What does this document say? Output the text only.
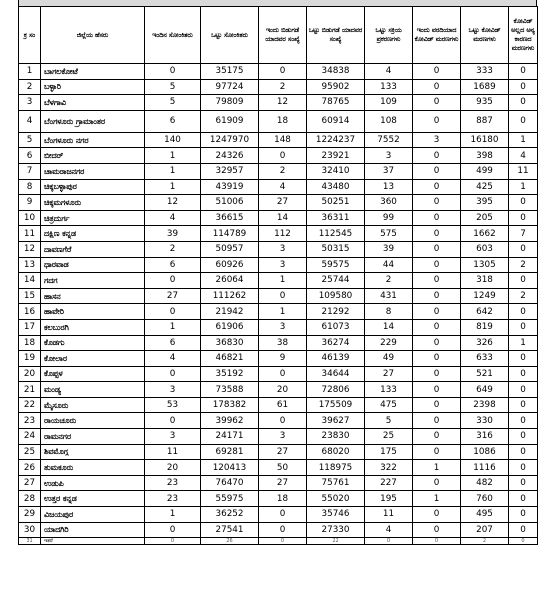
ಕ್ರ ಸಂ	ಜಿಲ್ಲೆಯ ಹೆಸರು	ಇಂದಿನ ಸೋಂಕಿತರು	ಒಟ್ಟು ಸೋಂಕಿತರು	ಇಂದು ಬಿಡುಗಡೆ ಯಾದವರ ಸಂಖ್ಯೆ	ಒಟ್ಟು ಬಿಡುಗಡೆ ಯಾದವರ ಸಂಖ್ಯೆ	ಒಟ್ಟು ಸಕ್ರಿಯ ಪ್ರಕರಣಗಳು	ಇಂದು ವರದಿಯಾದ ಕೋವಿಡ್ ಮರಣಗಳು	ಒಟ್ಟು ಕೋವಿಡ್ ಮರಣಗಳು	ಕೋವಿಡ್ ಅಲ್ಲದ ಅನ್ಯ ಕಾರಣದ ಮರಣಗಳು
1	ಬಾಗಲಕೋಟೆ	0	35175	0	34838	4	0	333	0
2	ಬಳ್ಳಾರಿ	5	97724	2	95902	133	0	1689	0
3	ಬೆಳಗಾವಿ	5	79809	12	78765	109	0	935	0
4	ಬೆಂಗಳೂರು ಗ್ರಾಮಾಂತರ	6	61909	18	60914	108	0	887	0
5	ಬೆಂಗಳೂರು ನಗರ	140	1247970	148	1224237	7552	3	16180	1
6	ಬೀದರ್	1	24326	0	23921	3	0	398	4
7	ಚಾಮರಾಜನಗರ	1	32957	2	32410	37	0	499	11
8	ಚಿಕ್ಕಬಳ್ಳಾಪುರ	1	43919	4	43480	13	0	425	1
9	ಚಿಕ್ಕಮಗಳೂರು	12	51006	27	50251	360	0	395	0
10	ಚಿತ್ರದುರ್ಗ	4	36615	14	36311	99	0	205	0
11	ದಕ್ಷಿಣ ಕನ್ನಡ	39	114789	112	112545	575	0	1662	7
12	ದಾವಣಗೆರೆ	2	50957	3	50315	39	0	603	0
13	ಧಾರವಾಡ	6	60926	3	59575	44	0	1305	2
14	ಗದಗ	0	26064	1	25744	2	0	318	0
15	ಹಾಸನ	27	111262	0	109580	431	0	1249	2
16	ಹಾವೇರಿ	0	21942	1	21292	8	0	642	0
17	ಕಲಬುರಗಿ	1	61906	3	61073	14	0	819	0
18	ಕೊಡಗು	6	36830	38	36274	229	0	326	1
19	ಕೋಲಾರ	4	46821	9	46139	49	0	633	0
20	ಕೊಪ್ಪಳ	0	35192	0	34644	27	0	521	0
21	ಮಂಡ್ಯ	3	73588	20	72806	133	0	649	0
22	ಮೈಸೂರು	53	178382	61	175509	475	0	2398	0
23	ರಾಯಚೂರು	0	39962	0	39627	5	0	330	0
24	ರಾಮನಗರ	3	24171	3	23830	25	0	316	0
25	ಶಿವಮೊಗ್ಗ	11	69281	27	68020	175	0	1086	0
26	ತುಮಕೂರು	20	120413	50	118975	322	1	1116	0
27	ಉಡುಪಿ	23	76470	27	75761	227	0	482	0
28	ಉತ್ತರ ಕನ್ನಡ	23	55975	18	55020	195	1	760	0
29	ವಿಜಯಪುರ	1	36252	0	35746	11	0	495	0
30	ಯಾದಗಿರಿ	0	27541	0	27330	4	0	207	0
31	ಇತರೆ	0	26	0	22	0	0	2	0
